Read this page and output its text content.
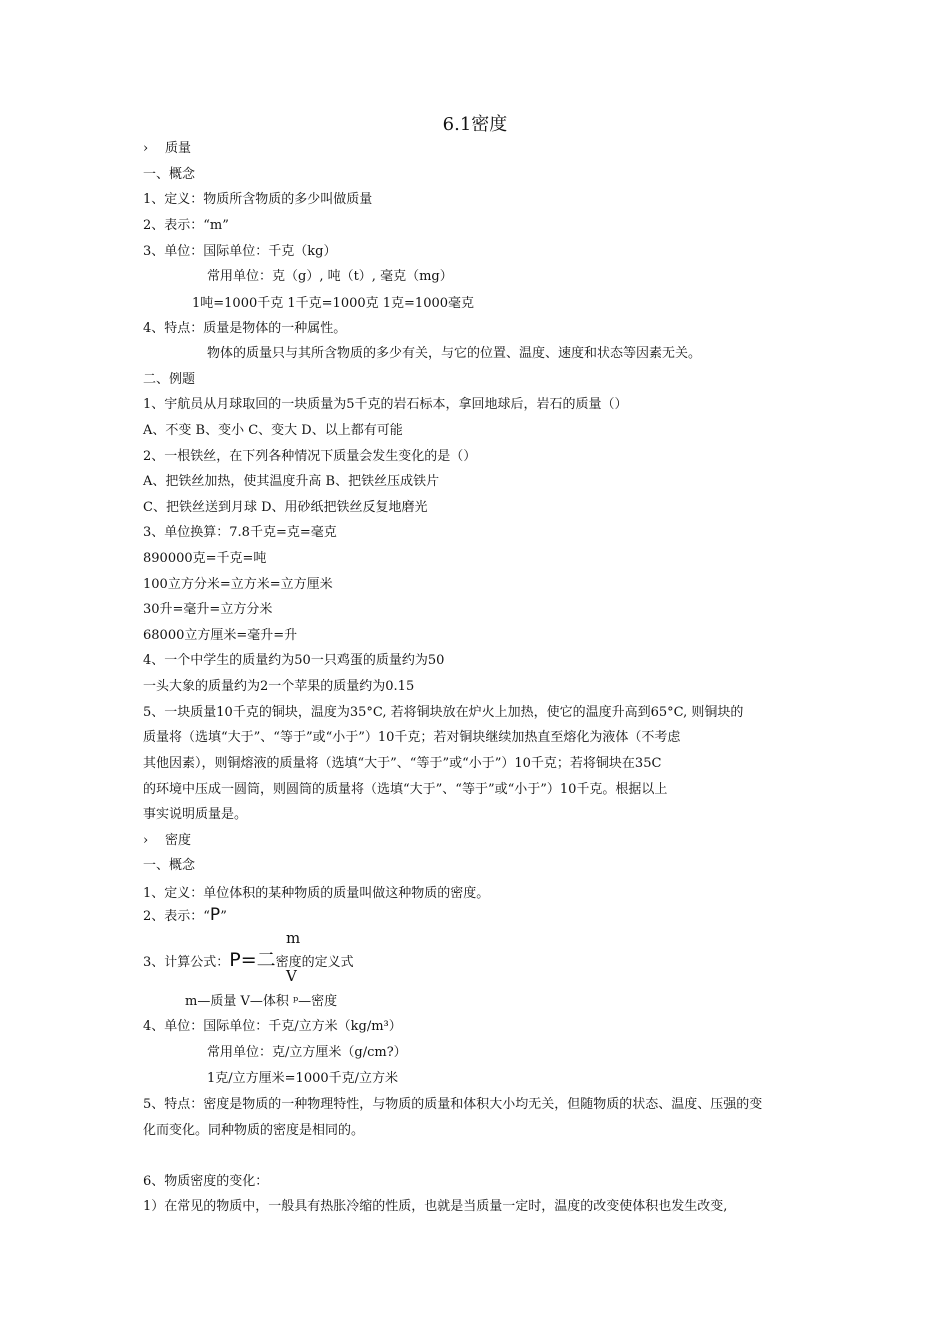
6.1密度
› 质量
一、概念
1、定义：物质所含物质的多少叫做质量
2、表示：“m”
3、单位：国际单位：千克（kg）
常用单位：克（g）, 吨（t）, 毫克（mg）
1吨=1000千克 1千克=1000克 1克=1000毫克
4、特点：质量是物体的一种属性。
物体的质量只与其所含物质的多少有关，与它的位置、温度、速度和状态等因素无关。
二、例题
1、宇航员从月球取回的一块质量为5千克的岩石标本，拿回地球后，岩石的质量（）
A、不变 B、变小 C、变大 D、以上都有可能
2、一根铁丝，在下列各种情况下质量会发生变化的是（）
A、把铁丝加热，使其温度升高 B、把铁丝压成铁片
C、把铁丝送到月球 D、用砂纸把铁丝反复地磨光
3、单位换算：7.8千克=克=毫克
890000克=千克=吨
100立方分米=立方米=立方厘米
30升=毫升=立方分米
68000立方厘米=毫升=升
4、一个中学生的质量约为50一只鸡蛋的质量约为50
一头大象的质量约为2一个苹果的质量约为0.15
5、一块质量10千克的铜块，温度为35°C, 若将铜块放在炉火上加热，使它的温度升高到65°C, 则铜块的
质量将（选填“大于”、“等于”或“小于”）10千克；若对铜块继续加热直至熔化为液体（不考虑
其他因素），则铜熔液的质量将（选填“大于”、“等于”或“小于”）10千克；若将铜块在35C
的环境中压成一圆筒，则圆筒的质量将（选填“大于”、“等于”或“小于”）10千克。根据以上
事实说明质量是。
› 密度
一、概念
1、定义：单位体积的某种物质的质量叫做这种物质的密度。
2、表示：“P”
m
3、计算公式：P=二密度的定义式
V
m—质量 V—体积 ᵖ—密度
4、单位：国际单位：千克/立方米（kg/m³）
常用单位：克/立方厘米（g/cm?）
1克/立方厘米=1000千克/立方米
5、特点：密度是物质的一种物理特性，与物质的质量和体积大小均无关，但随物质的状态、温度、压强的变
化而变化。同种物质的密度是相同的。
6、物质密度的变化：
1）在常见的物质中，一般具有热胀冷缩的性质，也就是当质量一定时，温度的改变使体积也发生改变,
